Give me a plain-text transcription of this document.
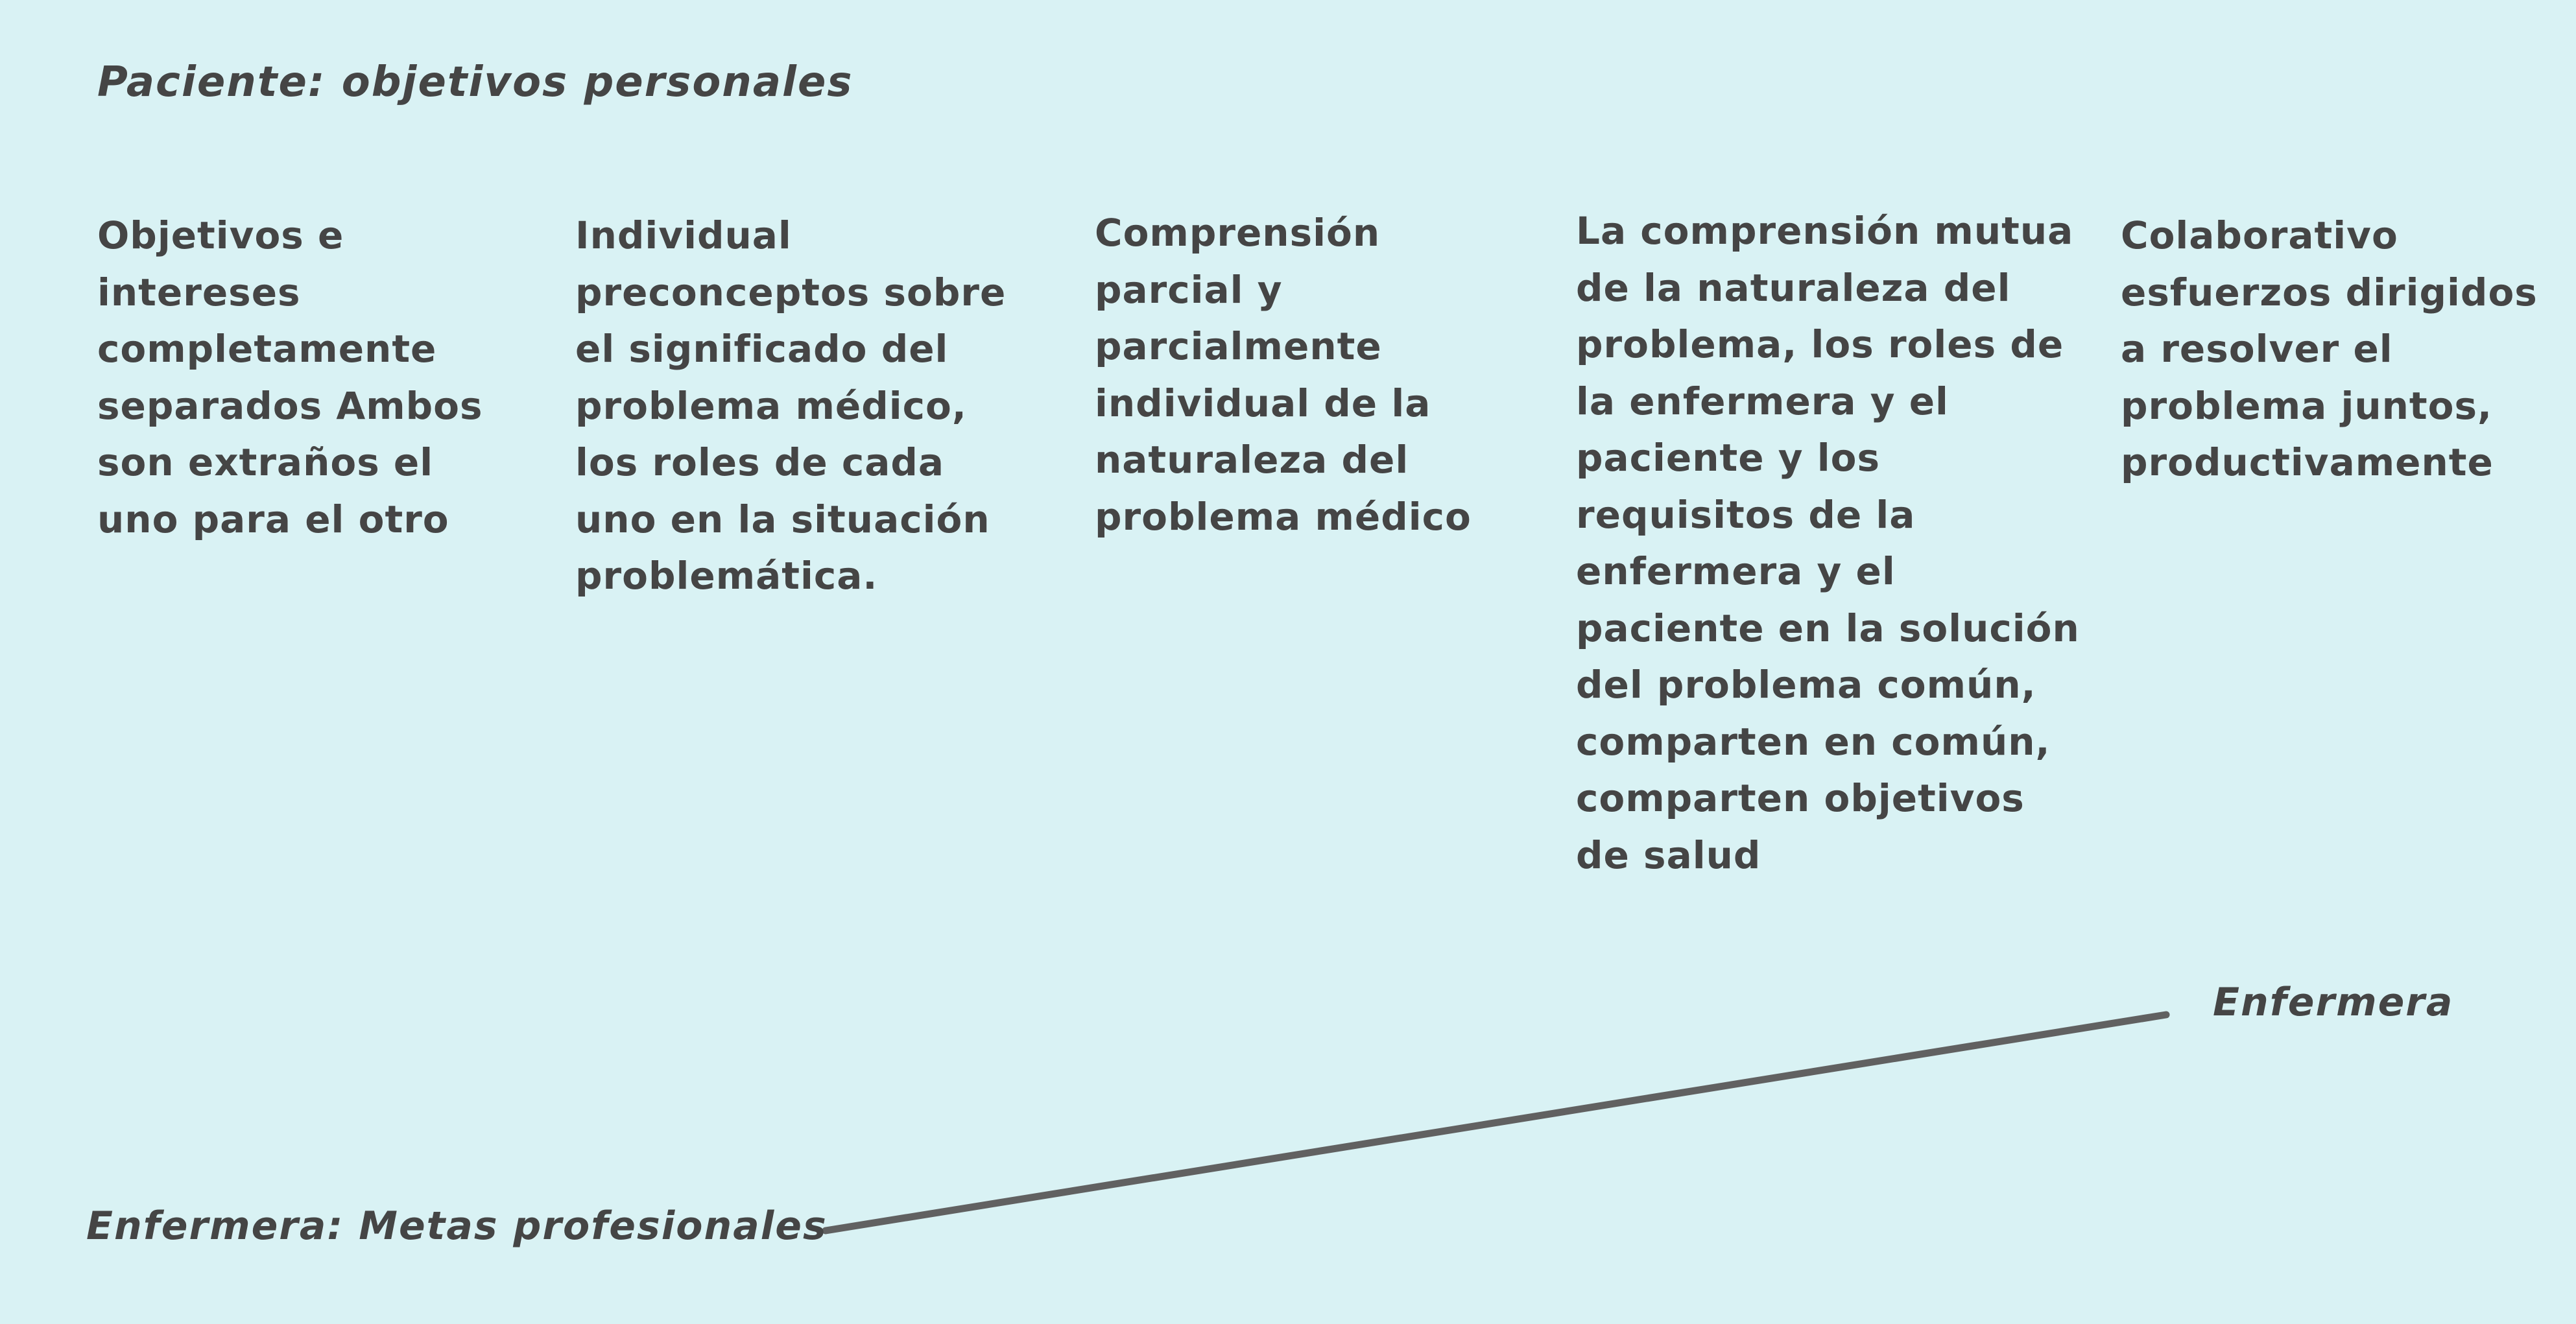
Paciente: objetivos personales

Objetivos e intereses completamente separados Ambos son extraños el uno para el otro

Individual preconceptos sobre el significado del problema médico, los roles de cada uno en la situación problemática.

Comprensión parcial y parcialmente individual de la naturaleza del problema médico

La comprensión mutua de la naturaleza del problema, los roles de la enfermera y el paciente y los requisitos de la enfermera y el paciente en la solución del problema común, comparten en común, comparten objetivos de salud

Colaborativo esfuerzos dirigidos a resolver el problema juntos, productivamente

Enfermera
Enfermera: Metas profesionales
